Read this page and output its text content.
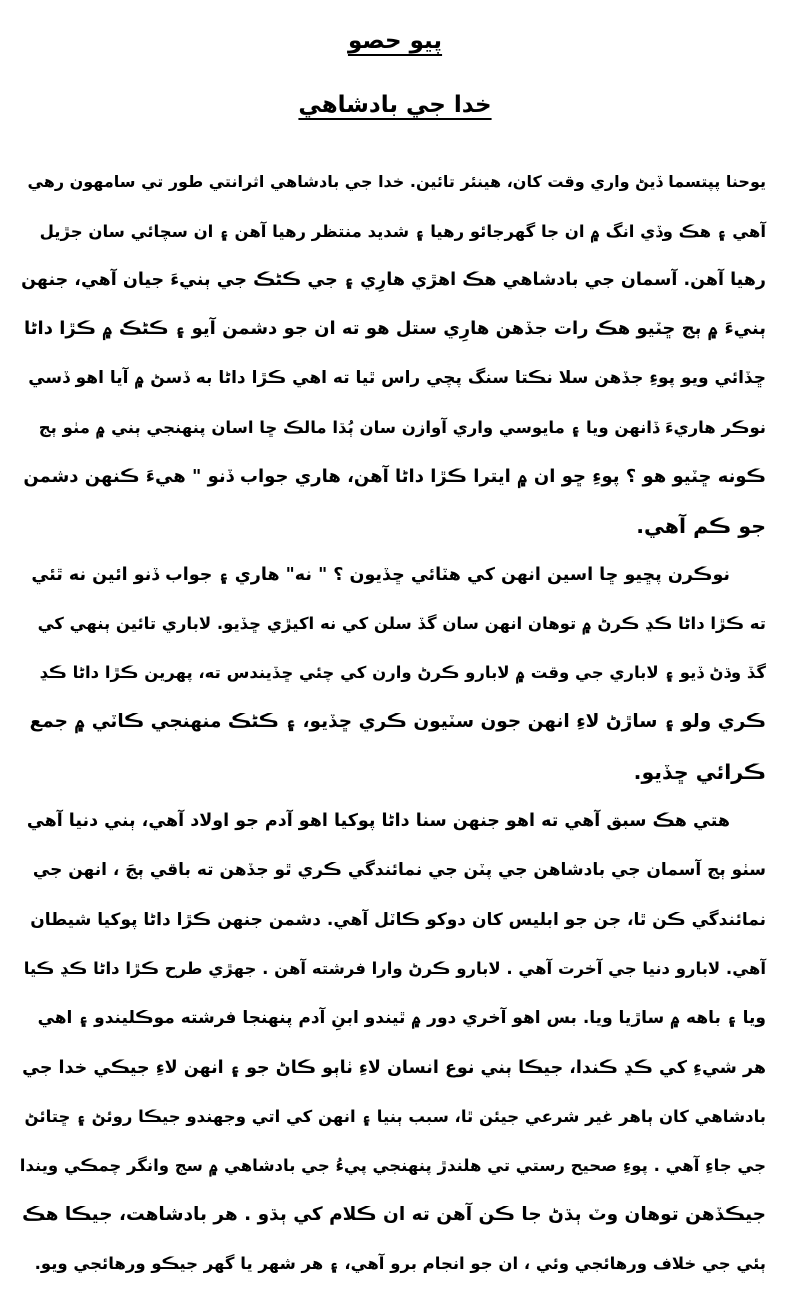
پيو حصو
خدا جي بادشاهي
يوحنا پپتسما ڏيڻ واري وقت کان، هينئر تائين. خدا جي بادشاهي اثرانتي طور تي سامهون رهي
آهي ۽ هڪ وڏي انگ ۾ ان جا گهرجائو رهيا ۽ شديد منتظر رهيا آهن ۽ ان سچائي سان جڙيل
رهيا آهن. آسمان جي بادشاهي هڪ اهڙي هارِي ۽ جي ڪڻڪ جي ٻنيءَ جيان آهي، جنهن
ٻنيءَ ۾ ٻج ڇٽيو هڪ رات جڏهن هارِي ستل هو ته ان جو دشمن آيو ۽ ڪڻڪ ۾ ڪڙا داڻا
ڇڏائي ويو پوءِ جڏهن سلا نڪتا سنگ پچي راس ٿيا ته اهي ڪڙا داڻا به ڏسڻ ۾ آيا اهو ڏسي
نوڪر هاريءَ ڏانهن ويا ۽ مايوسي واري آوازن سان ٻُڌا مالڪ ڇا اسان پنهنجي ٻني ۾ مٺو ٻج
ڪونه ڇٽيو هو ؟ پوءِ ڇو ان ۾ ايترا ڪڙا داڻا آهن، هاري جواب ڏنو " هيءَ ڪنهن دشمن
جو ڪم آهي.
نوڪرن پڇيو ڇا اسين انهن کي هٽائي ڇڏيون ؟ " نه" هاري ۽ جواب ڏنو ائين نه ٿئي
ته ڪڙا داڻا ڪڍ ڪرڻ ۾ توهان انهن سان گڏ سلن کي نه اکيڙي ڇڏيو. لاباري تائين ٻنهي کي
گڏ وڌڻ ڏيو ۽ لاباري جي وقت ۾ لابارو ڪرڻ وارن کي چئي ڇڏيندس ته، پهرين ڪڙا داڻا ڪڍ
ڪري ولو ۽ ساڙڻ لاءِ انهن جون سٽيون ڪري ڇڏيو، ۽ ڪڻڪ منهنجي ڪاٽي ۾ جمع
ڪرائي ڇڏيو.
هتي هڪ سبق آهي ته اهو جنهن سنا داڻا پوکيا اهو آدم جو اولاد آهي، ٻني دنيا آهي
سٺو ٻج آسمان جي بادشاهن جي پٽن جي نمائندگي ڪري ٿو جڏهن ته باقي ٻجَ ، انهن جي
نمائندگي ڪن ٿا، جن جو ابليس کان دوکو ڪاٽل آهي. دشمن جنهن ڪڙا داڻا پوکيا شيطان
آهي. لابارو دنيا جي آخرت آهي . لابارو ڪرڻ وارا فرشته آهن . جهڙي طرح ڪڙا داڻا ڪڍ ڪيا
ويا ۽ باهه ۾ ساڙيا ويا. بس اهو آخري دور ۾ ٿيندو ابنِ آدم پنهنجا فرشته موڪليندو ۽ اهي
هر شيءِ کي ڪڍ ڪندا، جيڪا ٻني نوع انسان لاءِ ٺاٻو ڪاڻ جو ۽ انهن لاءِ جيڪي خدا جي
بادشاهي کان ٻاهر غير شرعي جيئن ٿا، سبب ٻنيا ۽ انهن کي اتي وجهندو جيڪا روئڻ ۽ ڇتائڻ
جي جاءِ آهي . پوءِ صحيح رستي تي هلندڙ پنهنجي پيءُ جي بادشاهي ۾ سج وانگر چمڪي ويندا
جيڪڏهن توهان وٽ ٻڌڻ جا ڪن آهن ته ان ڪلام کي ٻڌو . هر بادشاهت، جيڪا هڪ
ٻئي جي خلاف ورهائجي وئي ، ان جو انجام برو آهي، ۽ هر شهر يا گهر جيڪو ورهائجي ويو.
